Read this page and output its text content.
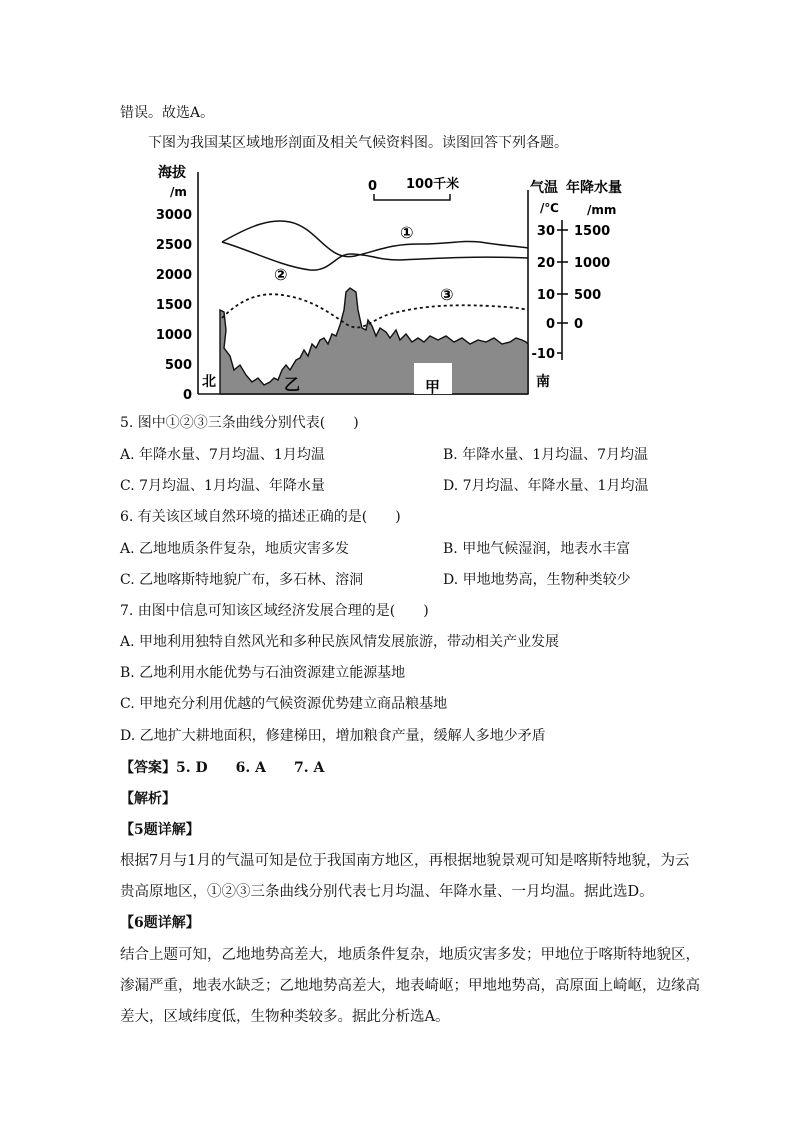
错误。故选A。
下图为我国某区域地形剖面及相关气候资料图。读图回答下列各题。
海拔
/m	气温
/℃
年降水量
/mm
3000
2500
2000
1500
1000
500
0
30
20
10
0
-10
1500
1000
500
0
0 100千米
①
②
③
北	南
乙	甲
5. 图中①②③三条曲线分别代表(　　)
A. 年降水量、7月均温、1月均温	B. 年降水量、1月均温、7月均温
C. 7月均温、1月均温、年降水量	D. 7月均温、年降水量、1月均温
6. 有关该区域自然环境的描述正确的是(　　)
A. 乙地地质条件复杂，地质灾害多发	B. 甲地气候湿润，地表水丰富
C. 乙地喀斯特地貌广布，多石林、溶洞	D. 甲地地势高，生物种类较少
7. 由图中信息可知该区域经济发展合理的是(　　)
A. 甲地利用独特自然风光和多种民族风情发展旅游，带动相关产业发展
B. 乙地利用水能优势与石油资源建立能源基地
C. 甲地充分利用优越的气候资源优势建立商品粮基地
D. 乙地扩大耕地面积，修建梯田，增加粮食产量，缓解人多地少矛盾
【答案】5. D　　6. A　　7. A
【解析】
【5题详解】
根据7月与1月的气温可知是位于我国南方地区，再根据地貌景观可知是喀斯特地貌，为云
贵高原地区，①②③三条曲线分别代表七月均温、年降水量、一月均温。据此选D。
【6题详解】
结合上题可知，乙地地势高差大，地质条件复杂，地质灾害多发；甲地位于喀斯特地貌区，
渗漏严重，地表水缺乏；乙地地势高差大，地表崎岖；甲地地势高，高原面上崎岖，边缘高
差大，区域纬度低，生物种类较多。据此分析选A。
